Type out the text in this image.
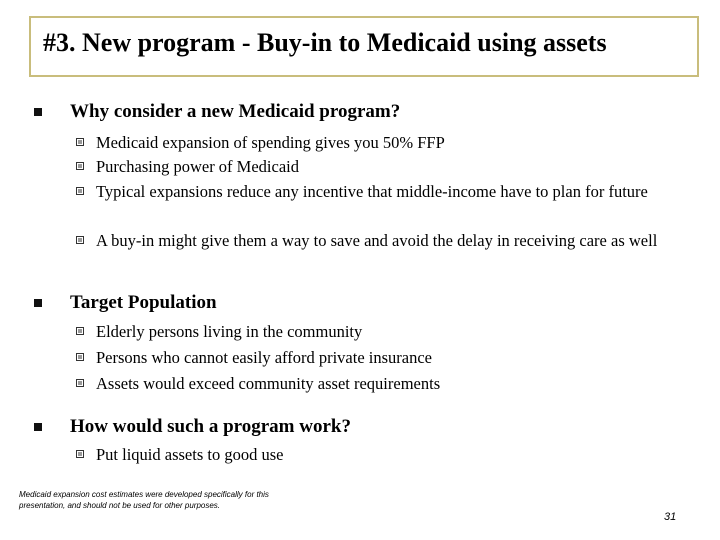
#3. New program - Buy-in to Medicaid using assets
Why consider a new Medicaid program?
Medicaid expansion of spending gives you 50% FFP
Purchasing power of Medicaid
Typical expansions reduce any incentive that middle-income have to plan for future
A buy-in might give them a way to save and avoid the delay in receiving care as well
Target Population
Elderly persons living in the community
Persons who cannot easily afford private insurance
Assets would exceed community asset requirements
How would such a program work?
Put liquid assets to good use
Medicaid expansion cost estimates were developed specifically for this presentation, and should not be used for other purposes.
31
